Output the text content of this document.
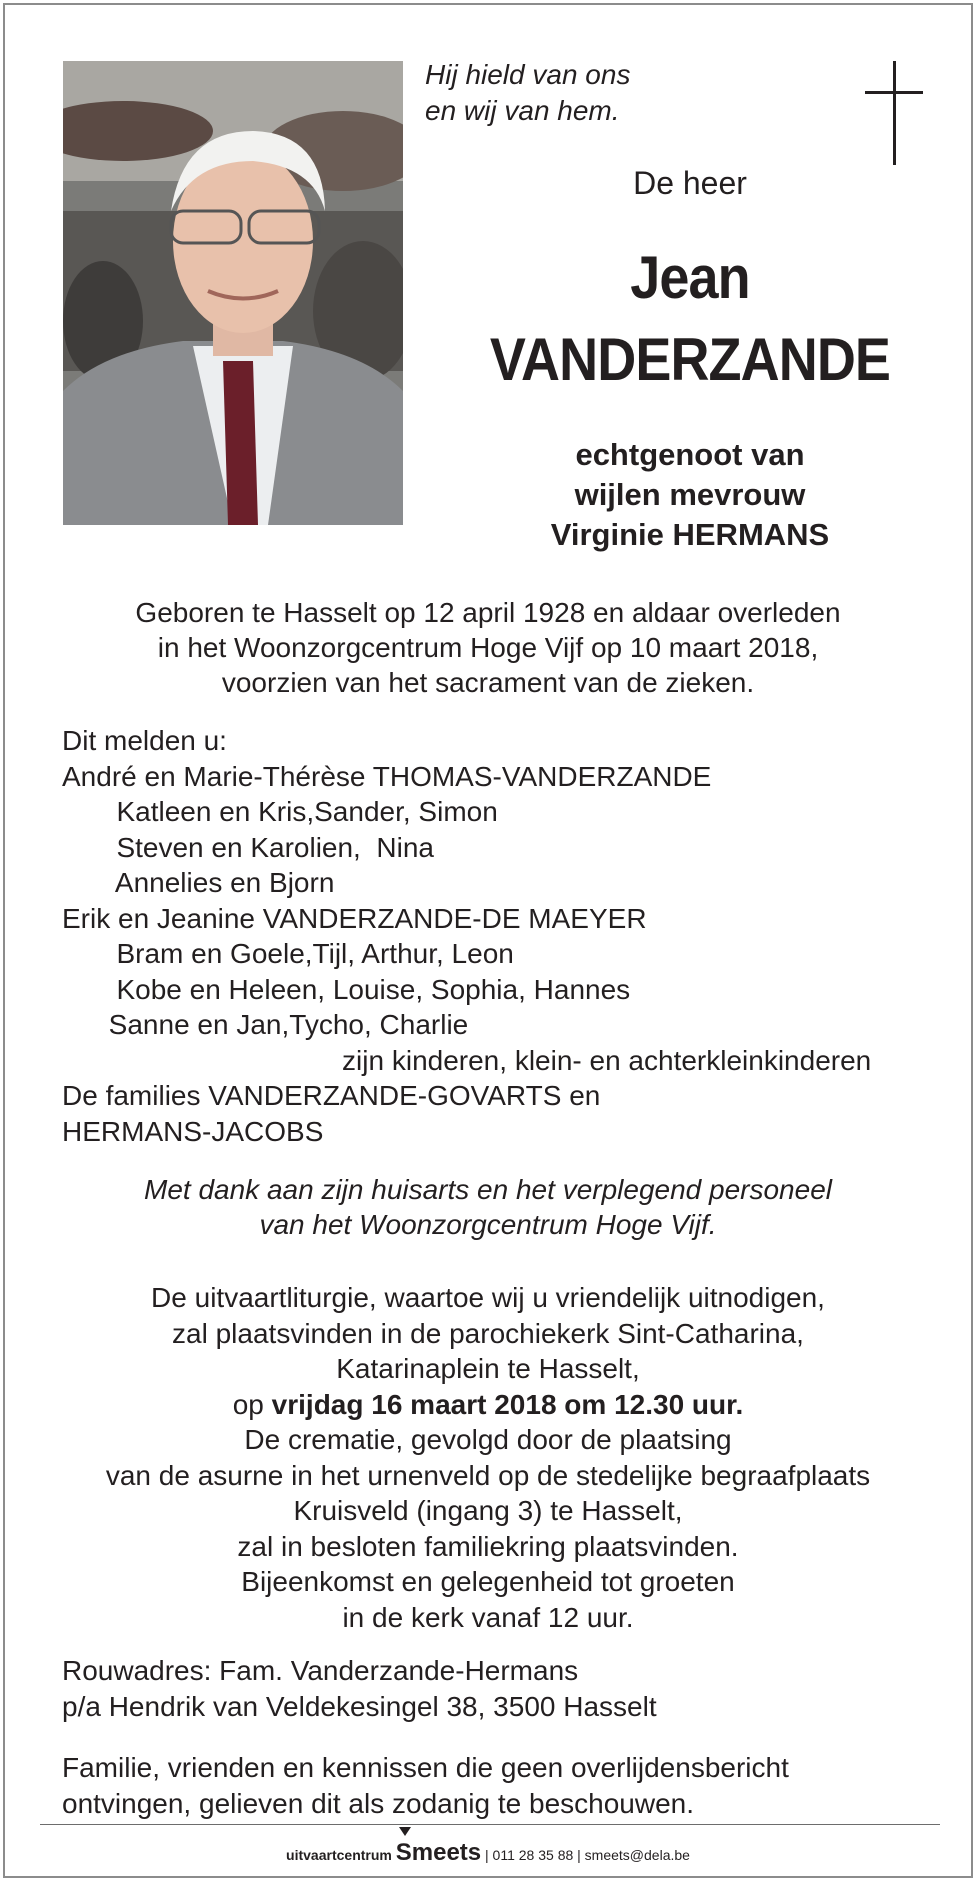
Hij hield van ons
en wij van hem.
De heer
Jean
VANDERZANDE
echtgenoot van
wijlen mevrouw
Virginie HERMANS
Geboren te Hasselt op 12 april 1928 en aldaar overleden
in het Woonzorgcentrum Hoge Vijf op 10 maart 2018,
voorzien van het sacrament van de zieken.
Dit melden u:
André en Marie-Thérèse THOMAS-VANDERZANDE
Katleen en Kris,Sander, Simon
Steven en Karolien,  Nina
Annelies en Bjorn
Erik en Jeanine VANDERZANDE-DE MAEYER
Bram en Goele,Tijl, Arthur, Leon
Kobe en Heleen, Louise, Sophia, Hannes
Sanne en Jan,Tycho, Charlie
zijn kinderen, klein- en achterkleinkinderen
De families VANDERZANDE-GOVARTS en
HERMANS-JACOBS
Met dank aan zijn huisarts en het verplegend personeel
van het Woonzorgcentrum Hoge Vijf.
De uitvaartliturgie, waartoe wij u vriendelijk uitnodigen,
zal plaatsvinden in de parochiekerk Sint-Catharina,
Katarinaplein te Hasselt,
op vrijdag 16 maart 2018 om 12.30 uur.
De crematie, gevolgd door de plaatsing
van de asurne in het urnenveld op de stedelijke begraafplaats
Kruisveld (ingang 3) te Hasselt,
zal in besloten familiekring plaatsvinden.
Bijeenkomst en gelegenheid tot groeten
in de kerk vanaf 12 uur.
Rouwadres: Fam. Vanderzande-Hermans
p/a Hendrik van Veldekesingel 38, 3500 Hasselt
Familie, vrienden en kennissen die geen overlijdensbericht
ontvingen, gelieven dit als zodanig te beschouwen.
uitvaartcentrum Smeets | 011 28 35 88 | smeets@dela.be
